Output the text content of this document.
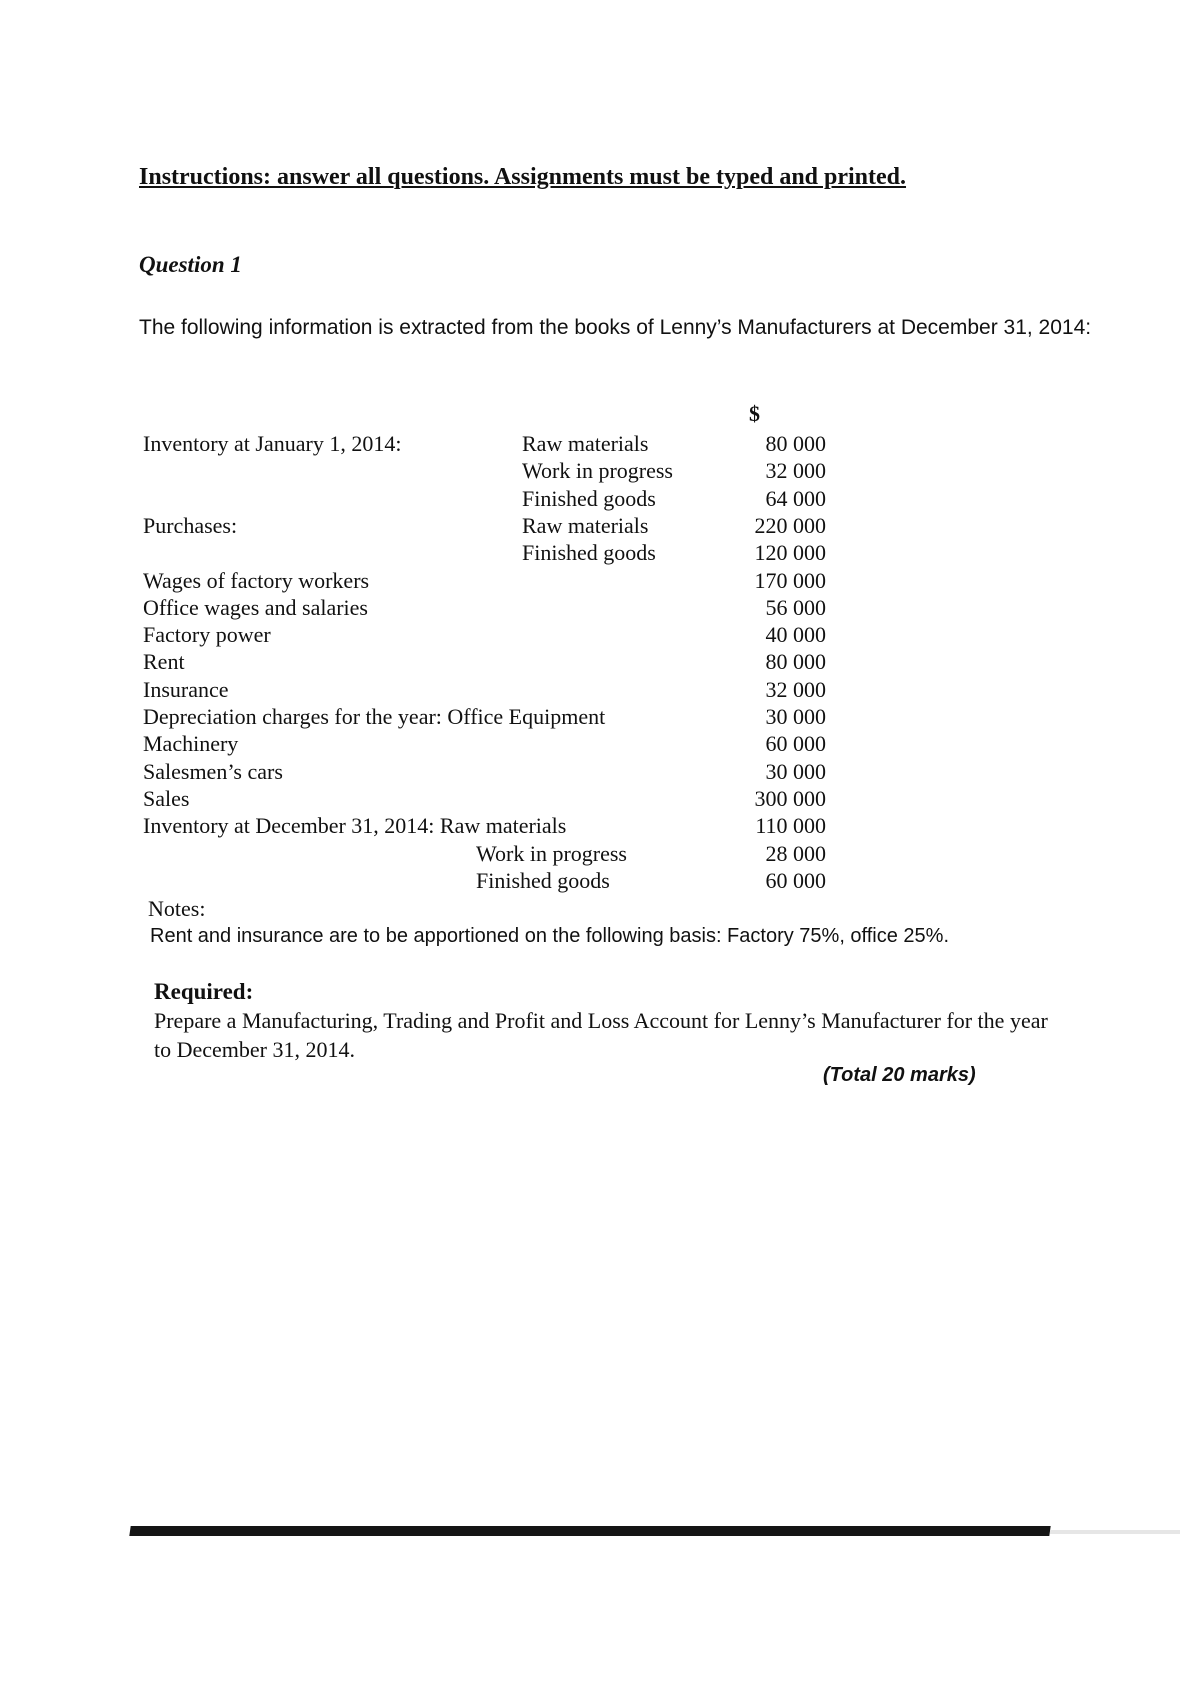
Instructions: answer all questions. Assignments must be typed and printed.
Question 1
The following information is extracted from the books of Lenny’s Manufacturers at December 31, 2014:
$
Inventory at January 1, 2014:	Raw materials	80 000
Work in progress	32 000
Finished goods	64 000
Purchases:	Raw materials	220 000
Finished goods	120 000
Wages of factory workers	170 000
Office wages and salaries	56 000
Factory power	40 000
Rent	80 000
Insurance	32 000
Depreciation charges for the year: Office Equipment	30 000
Machinery	60 000
Salesmen’s cars	30 000
Sales	300 000
Inventory at December 31, 2014: Raw materials	110 000
Work in progress	28 000
Finished goods	60 000
Notes:
Rent and insurance are to be apportioned on the following basis: Factory 75%, office 25%.
Required:
Prepare a Manufacturing, Trading and Profit and Loss Account for Lenny’s Manufacturer for the year to December 31, 2014.
(Total 20 marks)
